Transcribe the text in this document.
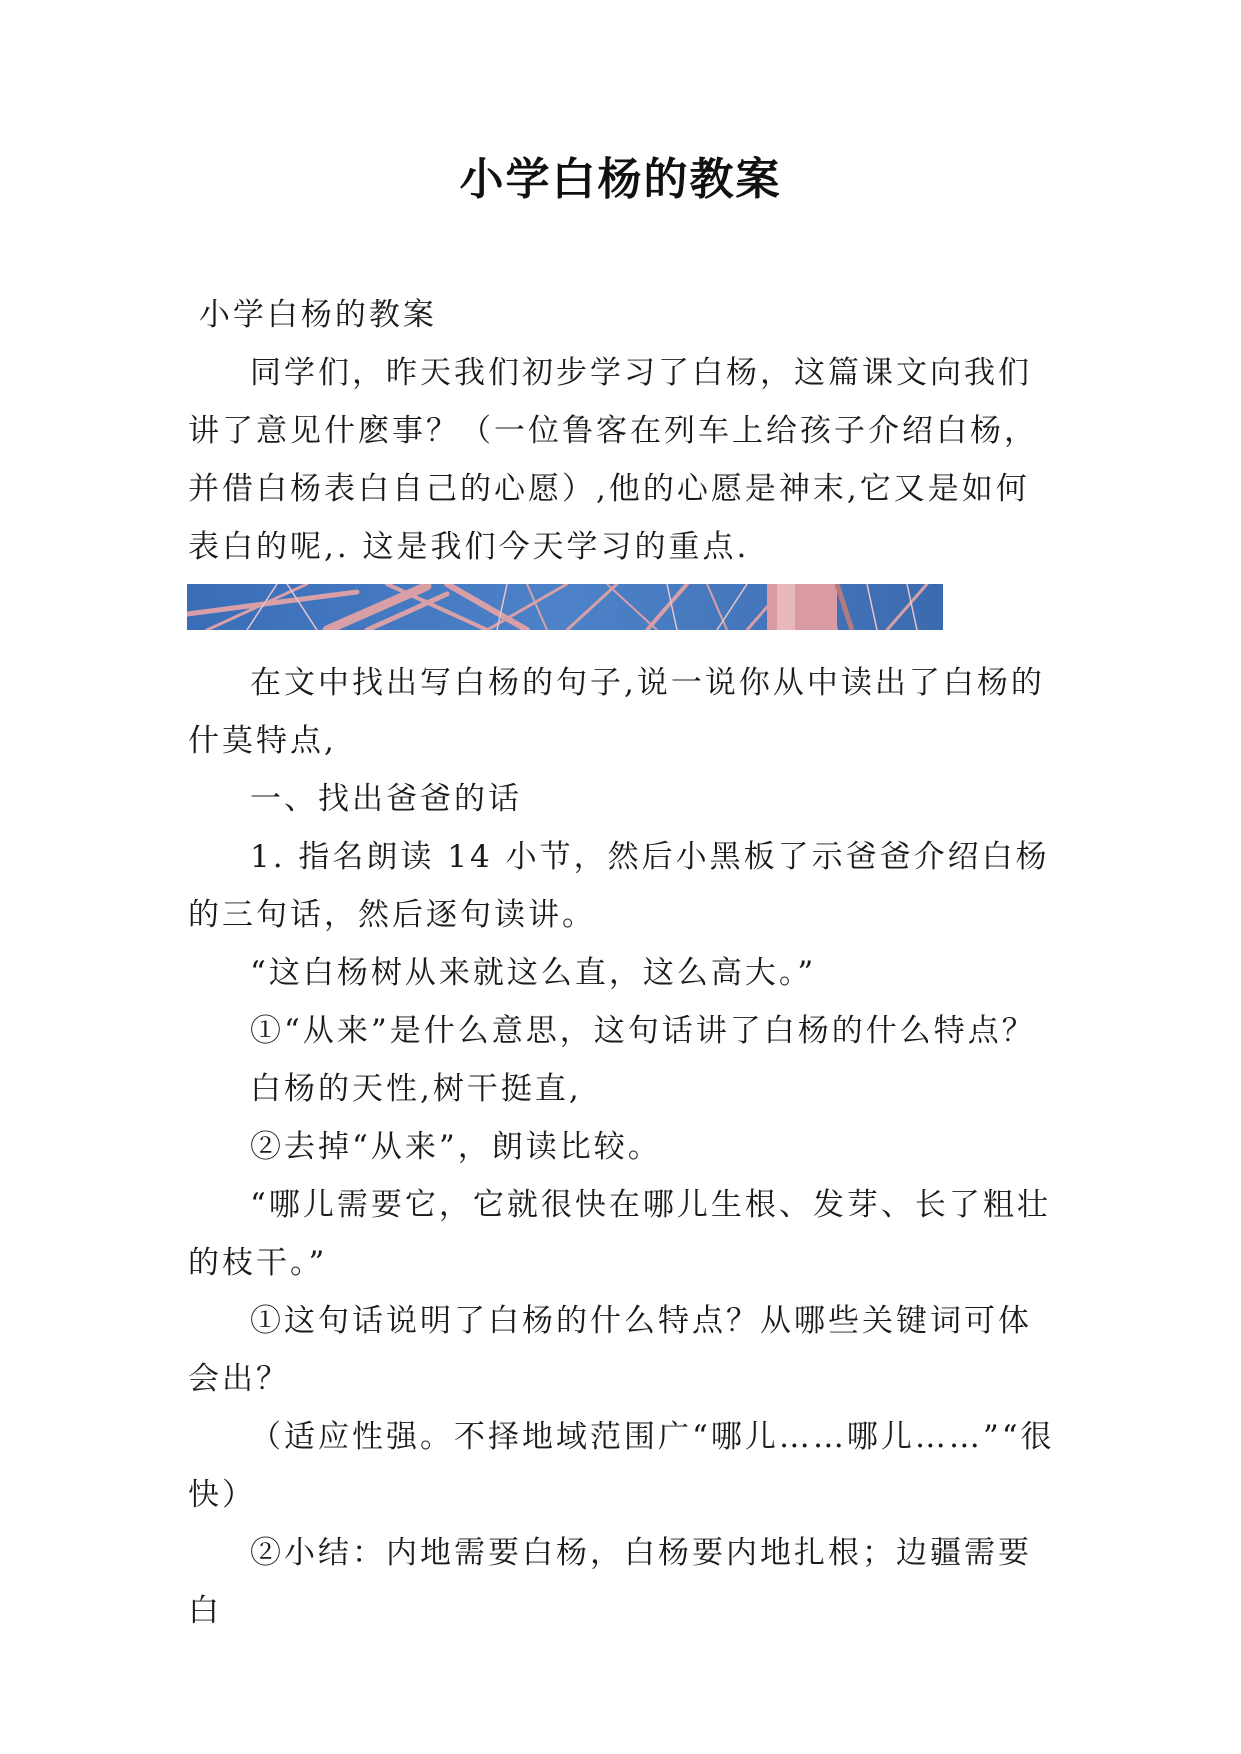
小学白杨的教案

小学白杨的教案

同学们，昨天我们初步学习了白杨，这篇课文向我们讲了意见什麽事？（一位鲁客在列车上给孩子介绍白杨，并借白杨表白自己的心愿）,他的心愿是神末,它又是如何表白的呢,. 这是我们今天学习的重点.

在文中找出写白杨的句子,说一说你从中读出了白杨的什莫特点,

一、找出爸爸的话

1. 指名朗读 14 小节，然后小黑板了示爸爸介绍白杨的三句话，然后逐句读讲。

“这白杨树从来就这么直，这么高大。”

①“从来”是什么意思，这句话讲了白杨的什么特点？

白杨的天性,树干挺直,

②去掉“从来”，朗读比较。

“哪儿需要它，它就很快在哪儿生根、发芽、长了粗壮的枝干。”

①这句话说明了白杨的什么特点？从哪些关键词可体会出？

（适应性强。不择地域范围广“哪儿……哪儿……”“很快）

②小结：内地需要白杨，白杨要内地扎根；边疆需要白
